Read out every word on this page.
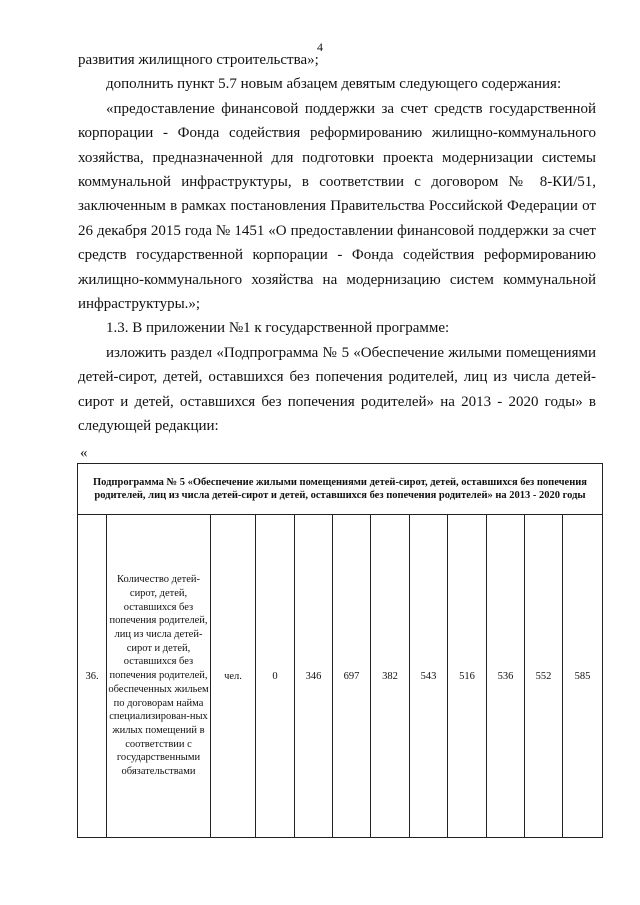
4

развития жилищного строительства»;

дополнить пункт 5.7 новым абзацем девятым следующего содержания:

«предоставление финансовой поддержки за счет средств государственной корпорации - Фонда содействия реформированию жилищно-коммунального хозяйства, предназначенной для подготовки проекта модернизации системы коммунальной инфраструктуры, в соответствии с договором № 8-КИ/51, заключенным в рамках постановления Правительства Российской Федерации от 26 декабря 2015 года № 1451 «О предоставлении финансовой поддержки за счет средств государственной корпорации - Фонда содействия реформированию жилищно-коммунального хозяйства на модернизацию систем коммунальной инфраструктуры.»;

1.3. В приложении №1 к государственной программе:

изложить раздел «Подпрограмма № 5 «Обеспечение жилыми помещениями детей-сирот, детей, оставшихся без попечения родителей, лиц из числа детей-сирот и детей, оставшихся без попечения родителей» на 2013 - 2020 годы» в следующей редакции:

«
Подпрограмма № 5 «Обеспечение жилыми помещениями детей-сирот, детей, оставшихся без попечения родителей, лиц из числа детей-сирот и детей, оставшихся без попечения родителей» на 2013 - 2020 годы
36.	Количество детей-сирот, детей, оставшихся без попечения родителей, лиц из числа детей-сирот и детей, оставшихся без попечения родителей, обеспеченных жильем по договорам найма специализирован-ных жилых помещений в соответствии с государственными обязательствами	чел.	0	346	697	382	543	516	536	552	585
